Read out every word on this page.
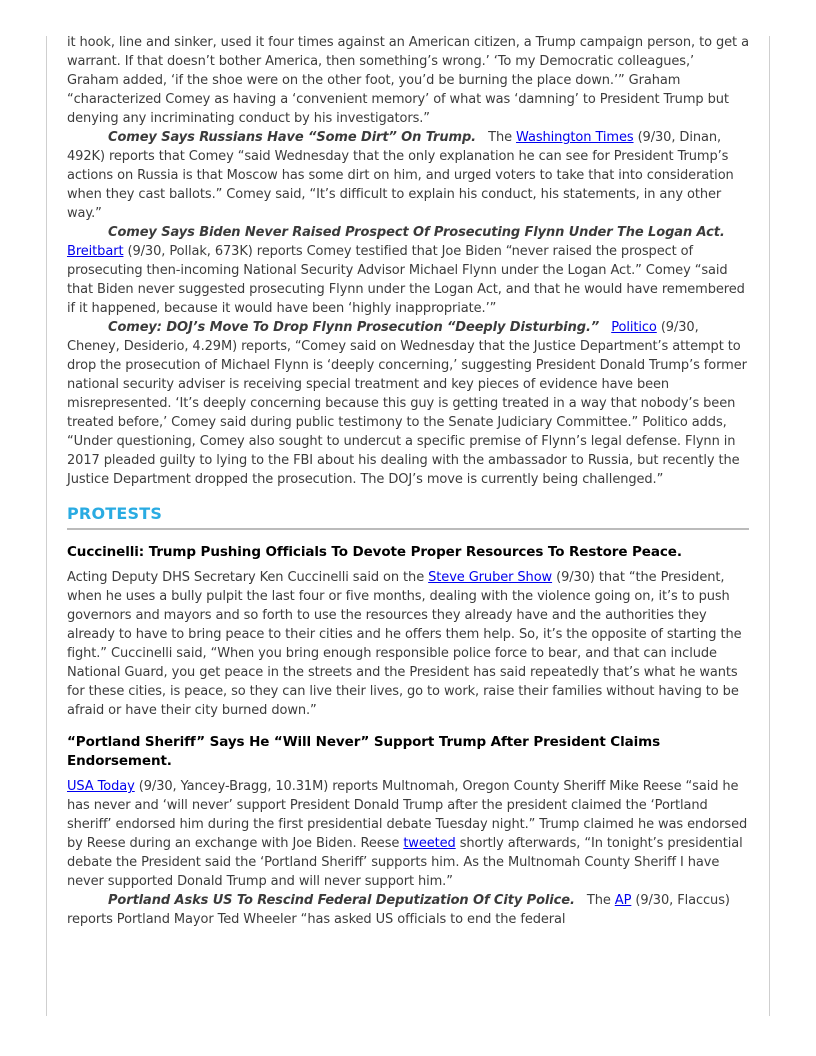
it hook, line and sinker, used it four times against an American citizen, a Trump campaign person, to get a warrant. If that doesn’t bother America, then something’s wrong.’ ‘To my Democratic colleagues,’ Graham added, ‘if the shoe were on the other foot, you’d be burning the place down.’” Graham “characterized Comey as having a ‘convenient memory’ of what was ‘damning’ to President Trump but denying any incriminating conduct by his investigators.”

Comey Says Russians Have “Some Dirt” On Trump.   The Washington Times (9/30, Dinan, 492K) reports that Comey “said Wednesday that the only explanation he can see for President Trump’s actions on Russia is that Moscow has some dirt on him, and urged voters to take that into consideration when they cast ballots.” Comey said, “It’s difficult to explain his conduct, his statements, in any other way.”

Comey Says Biden Never Raised Prospect Of Prosecuting Flynn Under The Logan Act.   Breitbart (9/30, Pollak, 673K) reports Comey testified that Joe Biden “never raised the prospect of prosecuting then-incoming National Security Advisor Michael Flynn under the Logan Act.” Comey “said that Biden never suggested prosecuting Flynn under the Logan Act, and that he would have remembered if it happened, because it would have been ‘highly inappropriate.’”

Comey: DOJ’s Move To Drop Flynn Prosecution “Deeply Disturbing.” Politico (9/30, Cheney, Desiderio, 4.29M) reports, “Comey said on Wednesday that the Justice Department’s attempt to drop the prosecution of Michael Flynn is ‘deeply concerning,’ suggesting President Donald Trump’s former national security adviser is receiving special treatment and key pieces of evidence have been misrepresented. ‘It’s deeply concerning because this guy is getting treated in a way that nobody’s been treated before,’ Comey said during public testimony to the Senate Judiciary Committee.” Politico adds, “Under questioning, Comey also sought to undercut a specific premise of Flynn’s legal defense. Flynn in 2017 pleaded guilty to lying to the FBI about his dealing with the ambassador to Russia, but recently the Justice Department dropped the prosecution. The DOJ’s move is currently being challenged.”

PROTESTS
Cuccinelli: Trump Pushing Officials To Devote Proper Resources To Restore Peace.

Acting Deputy DHS Secretary Ken Cuccinelli said on the Steve Gruber Show (9/30) that “the President, when he uses a bully pulpit the last four or five months, dealing with the violence going on, it’s to push governors and mayors and so forth to use the resources they already have and the authorities they already to have to bring peace to their cities and he offers them help. So, it’s the opposite of starting the fight.” Cuccinelli said, “When you bring enough responsible police force to bear, and that can include National Guard, you get peace in the streets and the President has said repeatedly that’s what he wants for these cities, is peace, so they can live their lives, go to work, raise their families without having to be afraid or have their city burned down.”

“Portland Sheriff” Says He “Will Never” Support Trump After President Claims Endorsement.

USA Today (9/30, Yancey-Bragg, 10.31M) reports Multnomah, Oregon County Sheriff Mike Reese “said he has never and ‘will never’ support President Donald Trump after the president claimed the ‘Portland sheriff’ endorsed him during the first presidential debate Tuesday night.” Trump claimed he was endorsed by Reese during an exchange with Joe Biden. Reese tweeted shortly afterwards, “In tonight’s presidential debate the President said the ‘Portland Sheriff’ supports him. As the Multnomah County Sheriff I have never supported Donald Trump and will never support him.”

Portland Asks US To Rescind Federal Deputization Of City Police.   The AP (9/30, Flaccus) reports Portland Mayor Ted Wheeler “has asked US officials to end the federal
